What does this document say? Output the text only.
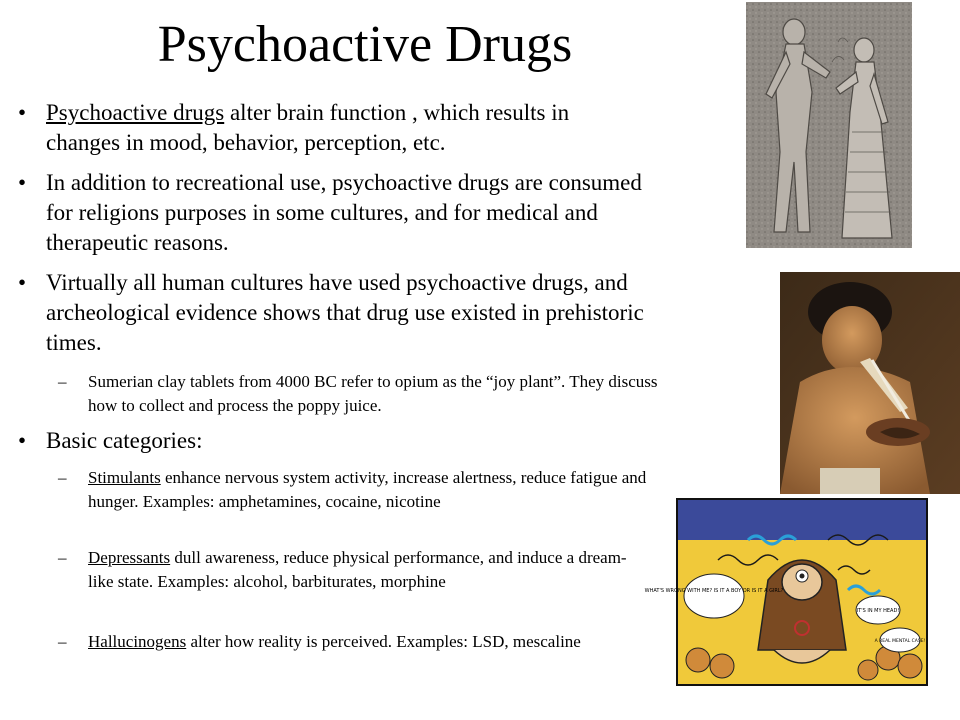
Psychoactive Drugs

• Psychoactive drugs alter brain function , which results in changes in mood, behavior, perception, etc.

• In addition to recreational use, psychoactive drugs are consumed for religions purposes in some cultures, and for medical and therapeutic reasons.

• Virtually all human cultures have used psychoactive drugs, and archeological evidence shows that drug use existed in prehistoric times.

– Sumerian clay tablets from 4000 BC refer to opium as the “joy plant”. They discuss how to collect and process the poppy juice.

• Basic categories:

– Stimulants enhance nervous system activity, increase alertness, reduce fatigue and hunger. Examples: amphetamines, cocaine, nicotine

– Depressants dull awareness, reduce physical performance, and induce a dream-like state. Examples: alcohol, barbiturates, morphine

– Hallucinogens alter how reality is perceived. Examples: LSD, mescaline

WHAT'S WRONG WITH ME? IS IT A BOY OR IS IT A GIRL?
IT'S IN MY HEAD!
A REAL MENTAL CASE!
